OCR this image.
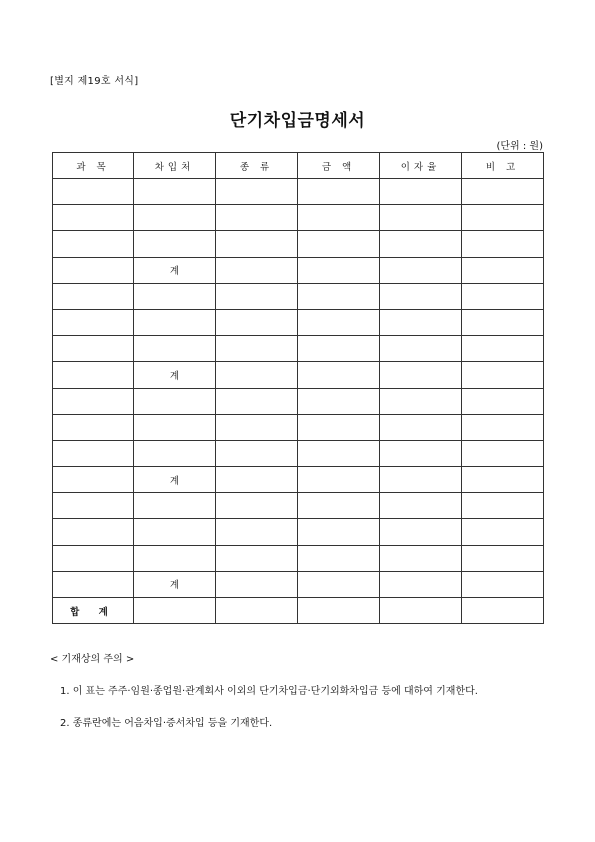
[별지 제19호 서식]
단기차입금명세서
(단위 : 원)
과 목	차입처	종 류	금 액	이자율	비 고

	계				

	계				

	계				

	계				
합 계					
< 기재상의 주의 >

1. 이 표는 주주·임원·종업원·관계회사 이외의 단기차입금·단기외화차입금 등에 대하여 기재한다.

2. 종류란에는 어음차입·증서차입 등을 기재한다.
